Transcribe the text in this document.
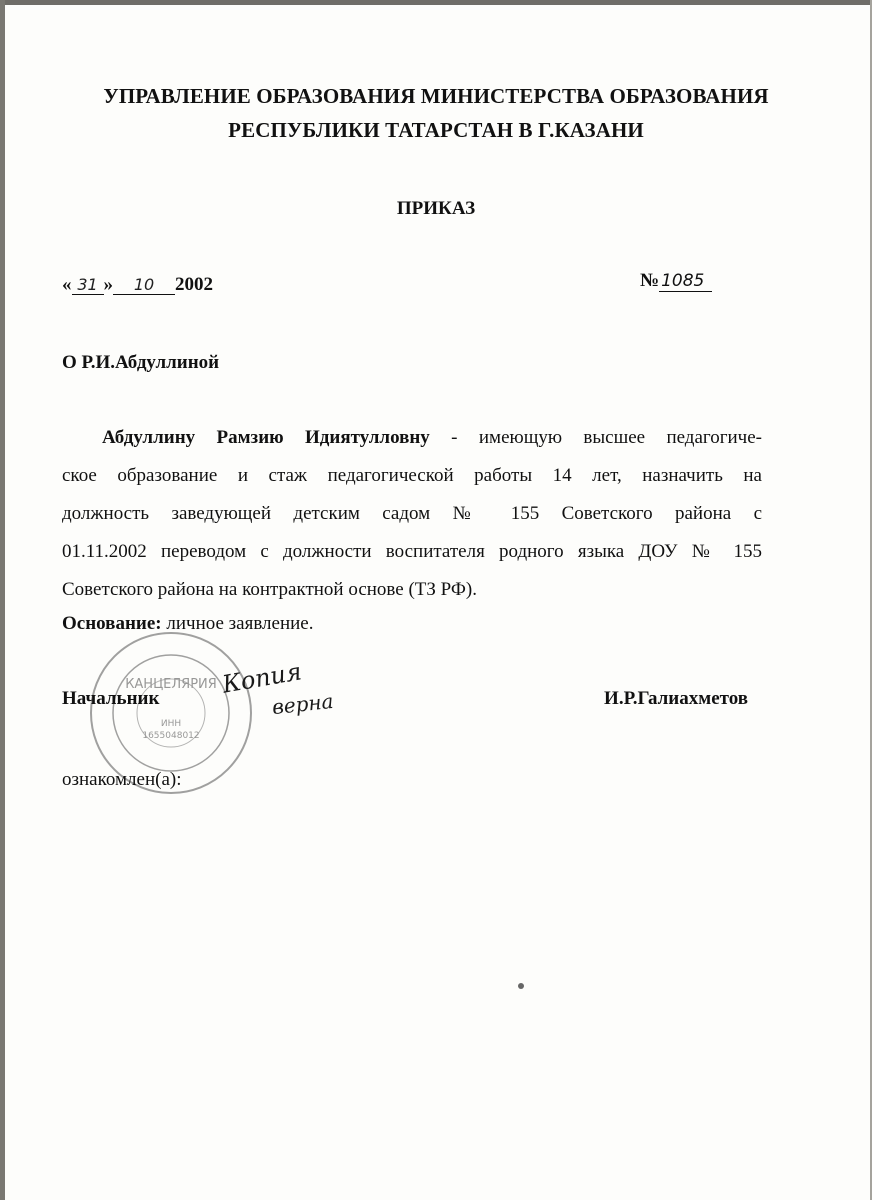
УПРАВЛЕНИЕ ОБРАЗОВАНИЯ МИНИСТЕРСТВА ОБРАЗОВАНИЯ
РЕСПУБЛИКИ ТАТАРСТАН В Г.КАЗАНИ
ПРИКАЗ
« 31 » 10 2002	№ 1085
О Р.И.Абдуллиной
Абдуллину Рамзию Идиятулловну - имеющую высшее педагогиче-
ское образование и стаж педагогической работы 14 лет, назначить на
должность заведующей детским садом № 155 Советского района с
01.11.2002 переводом с должности воспитателя родного языка ДОУ № 155
Советского района на контрактной основе (ТЗ РФ).
Основание: личное заявление.
КАНЦЕЛЯРИЯ
ИНН
1655048012
Начальник	И.Р.Галиахметов
Копия
верна
ознакомлен(а):
